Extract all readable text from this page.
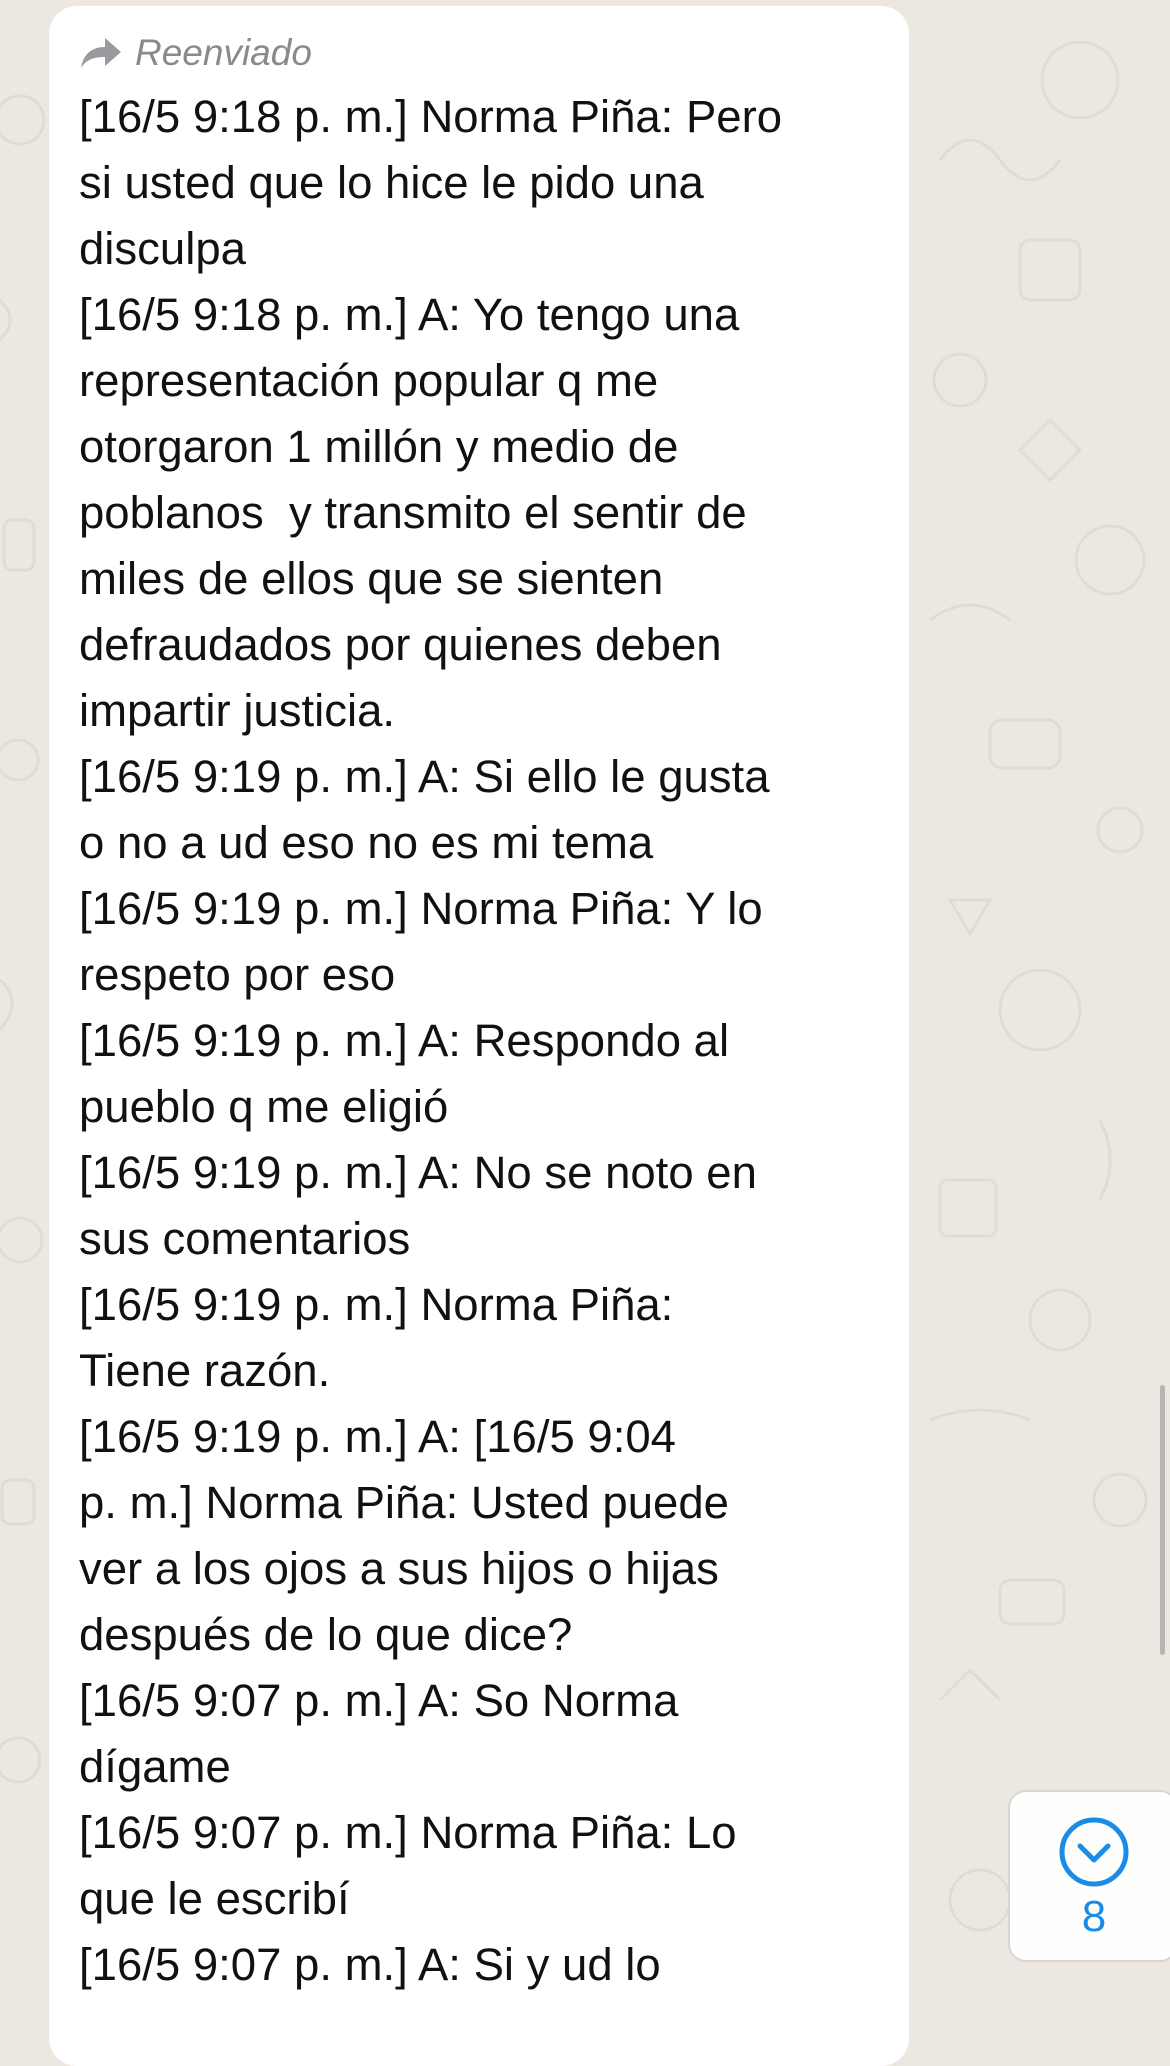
Reenviado
[16/5 9:18 p. m.] Norma Piña: Pero
si usted que lo hice le pido una
disculpa
[16/5 9:18 p. m.] A: Yo tengo una
representación popular q me
otorgaron 1 millón y medio de
poblanos  y transmito el sentir de
miles de ellos que se sienten
defraudados por quienes deben
impartir justicia.
[16/5 9:19 p. m.] A: Si ello le gusta
o no a ud eso no es mi tema
[16/5 9:19 p. m.] Norma Piña: Y lo
respeto por eso
[16/5 9:19 p. m.] A: Respondo al
pueblo q me eligió
[16/5 9:19 p. m.] A: No se noto en
sus comentarios
[16/5 9:19 p. m.] Norma Piña:
Tiene razón.
[16/5 9:19 p. m.] A: [16/5 9:04
p. m.] Norma Piña: Usted puede
ver a los ojos a sus hijos o hijas
después de lo que dice?
[16/5 9:07 p. m.] A: So Norma
dígame
[16/5 9:07 p. m.] Norma Piña: Lo
que le escribí
[16/5 9:07 p. m.] A: Si y ud lo
8
